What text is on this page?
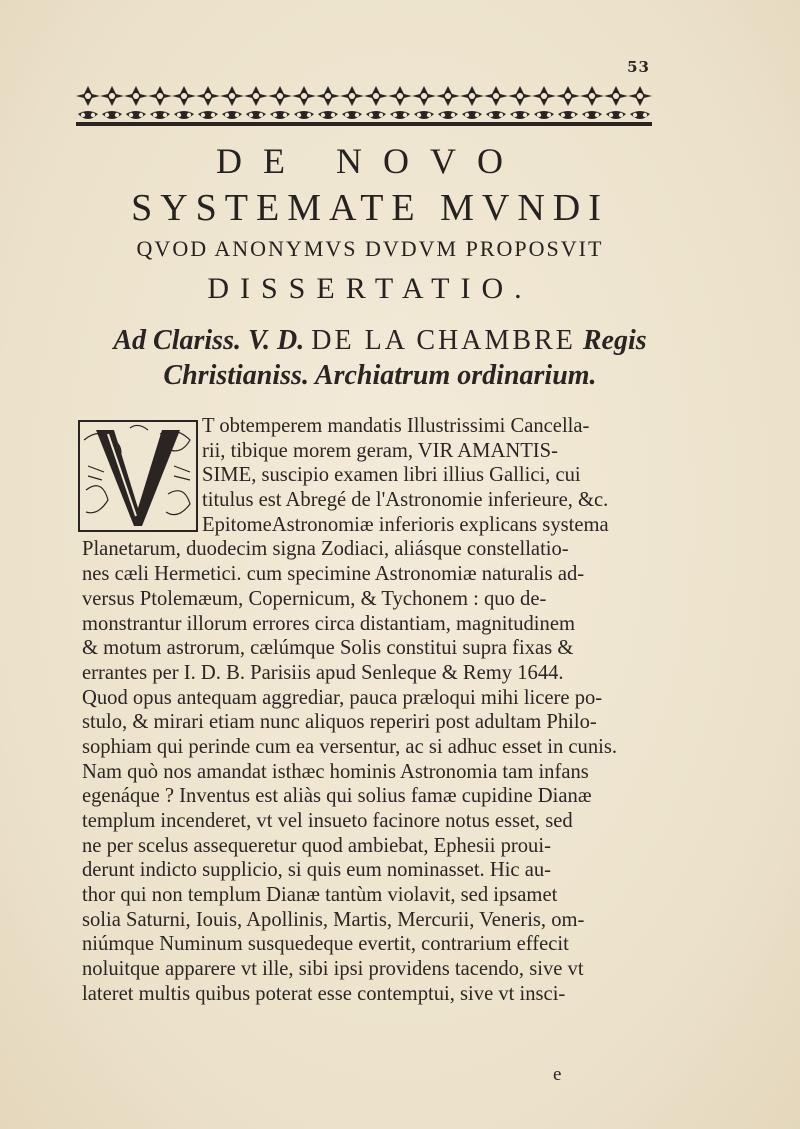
53
DE NOVO
SYSTEMATE MVNDI
QVOD ANONYMVS DVDVM PROPOSVIT
DISSERTATIO.
Ad Clariss. V. D. DE LA CHAMBRE Regis
Christianiss. Archiatrum ordinarium.
V
T obtemperem mandatis Illustrissimi Cancella-
rii, tibique morem geram, VIR AMANTIS-
SIME, suscipio examen libri illius Gallici, cui
titulus est Abregé de l'Astronomie inferieure, &c.
EpitomeAstronomiæ inferioris explicans systema
Planetarum, duodecim signa Zodiaci, aliásque constellatio-
nes cæli Hermetici. cum specimine Astronomiæ naturalis ad-
versus Ptolemæum, Copernicum, & Tychonem : quo de-
monstrantur illorum errores circa distantiam, magnitudinem
& motum astrorum, cælúmque Solis constitui supra fixas &
errantes per I. D. B. Parisiis apud Senleque & Remy 1644.
Quod opus antequam aggrediar, pauca præloqui mihi licere po-
stulo, & mirari etiam nunc aliquos reperiri post adultam Philo-
sophiam qui perinde cum ea versentur, ac si adhuc esset in cunis.
Nam quò nos amandat isthæc hominis Astronomia tam infans
egenáque ? Inventus est aliàs qui solius famæ cupidine Dianæ
templum incenderet, vt vel insueto facinore notus esset, sed
ne per scelus assequeretur quod ambiebat, Ephesii proui-
derunt indicto supplicio, si quis eum nominasset. Hic au-
thor qui non templum Dianæ tantùm violavit, sed ipsamet
solia Saturni, Iouis, Apollinis, Martis, Mercurii, Veneris, om-
niúmque Numinum susquedeque evertit, contrarium effecit
noluitque apparere vt ille, sibi ipsi providens tacendo, sive vt
lateret multis quibus poterat esse contemptui, sive vt insci-
e
